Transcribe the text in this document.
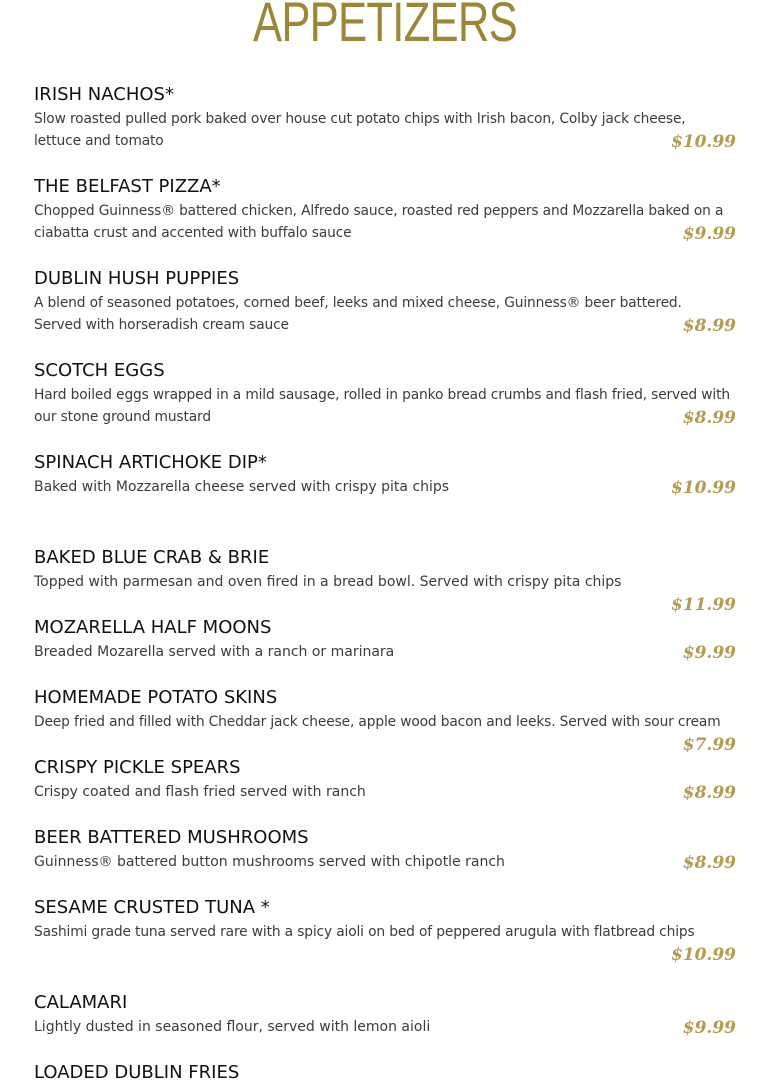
APPETIZERS
IRISH NACHOS*
Slow roasted pulled pork baked over house cut potato chips with Irish bacon, Colby jack cheese, lettuce and tomato	$10.99
THE BELFAST PIZZA*
Chopped Guinness® battered chicken, Alfredo sauce, roasted red peppers and Mozzarella baked on a ciabatta crust and accented with buffalo sauce	$9.99
DUBLIN HUSH PUPPIES
A blend of seasoned potatoes, corned beef, leeks and mixed cheese, Guinness® beer battered. Served with horseradish cream sauce	$8.99
SCOTCH EGGS
Hard boiled eggs wrapped in a mild sausage, rolled in panko bread crumbs and flash fried, served with our stone ground mustard	$8.99
SPINACH ARTICHOKE DIP*
Baked with Mozzarella cheese served with crispy pita chips	$10.99
BAKED BLUE CRAB & BRIE
Topped with parmesan and oven fired in a bread bowl. Served with crispy pita chips
$11.99
MOZARELLA HALF MOONS
Breaded Mozarella served with a ranch or marinara	$9.99
HOMEMADE POTATO SKINS
Deep fried and filled with Cheddar jack cheese, apple wood bacon and leeks. Served with sour cream
$7.99
CRISPY PICKLE SPEARS
Crispy coated and flash fried served with ranch	$8.99
BEER BATTERED MUSHROOMS
Guinness® battered button mushrooms served with chipotle ranch	$8.99
SESAME CRUSTED TUNA *
Sashimi grade tuna served rare with a spicy aioli on bed of peppered arugula with flatbread chips
$10.99
CALAMARI
Lightly dusted in seasoned flour, served with lemon aioli	$9.99
LOADED DUBLIN FRIES
